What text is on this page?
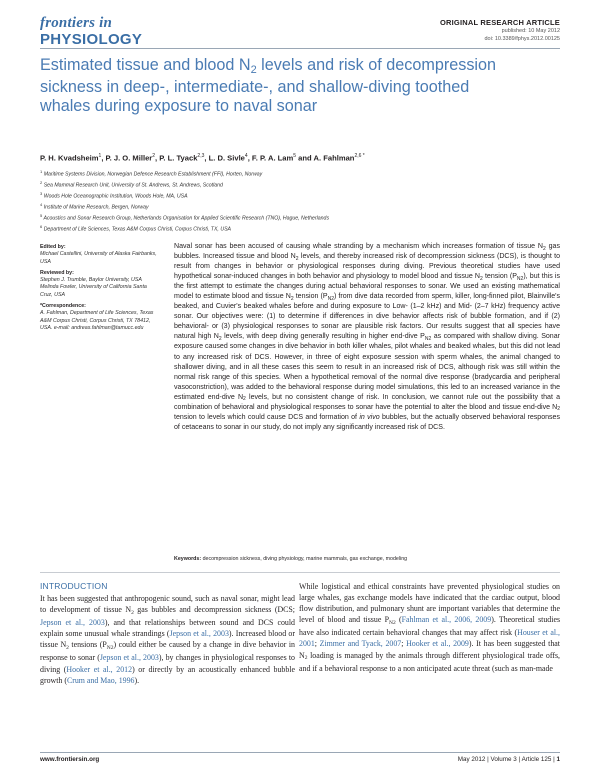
frontiers in
PHYSIOLOGY
ORIGINAL RESEARCH ARTICLE
published: 10 May 2012
doi: 10.3389/fphys.2012.00125
Estimated tissue and blood N2 levels and risk of decompression sickness in deep-, intermediate-, and shallow-diving toothed whales during exposure to naval sonar
P. H. Kvadsheim$^1$, P. J. O. Miller$^2$, P. L. Tyack$^{2,3}$, L. D. Sivle$^4$, F. P. A. Lam$^5$ and A. Fahlman$^{2,6 *}$
$^1$ Maritime Systems Division, Norwegian Defence Research Establishment (FFI), Horten, Norway
$^2$ Sea Mammal Research Unit, University of St. Andrews, St. Andrews, Scotland
$^3$ Woods Hole Oceanographic Institution, Woods Hole, MA, USA
$^4$ Institute of Marine Research, Bergen, Norway
$^5$ Acoustics and Sonar Research Group, Netherlands Organisation for Applied Scientific Research (TNO), Hague, Netherlands
$^6$ Department of Life Sciences, Texas A&M Corpus Christi, Corpus Christi, TX, USA
Edited by:
Michael Castellini, University of Alaska Fairbanks, USA
Reviewed by:
Stephen J. Trumble, Baylor University, USA
Melinda Fowler, University of California Santa Cruz, USA
*Correspondence:
A. Fahlman, Department of Life Sciences, Texas A&M Corpus Christi, Corpus Christi, TX 78412, USA. e-mail: andreas.fahlman@tamucc.edu
Naval sonar has been accused of causing whale stranding by a mechanism which increases formation of tissue $N_2$ gas bubbles. Increased tissue and blood $N_2$ levels, and thereby increased risk of decompression sickness (DCS), is thought to result from changes in behavior or physiological responses during diving. Previous theoretical studies have used hypothetical sonar-induced changes in both behavior and physiology to model blood and tissue $N_2$ tension $(P_{N2})$, but this is the first attempt to estimate the changes during actual behavioral responses to sonar. We used an existing mathematical model to estimate blood and tissue $N_2$ tension $(P_{N2})$ from dive data recorded from sperm, killer, long-finned pilot, Blainville's beaked, and Cuvier's beaked whales before and during exposure to Low- (1–2 kHz) and Mid- (2–7 kHz) frequency active sonar. Our objectives were: (1) to determine if differences in dive behavior affects risk of bubble formation, and if (2) behavioral- or (3) physiological responses to sonar are plausible risk factors. Our results suggest that all species have natural high $N_2$ levels, with deep diving generally resulting in higher end-dive $P_{N2}$ as compared with shallow diving. Sonar exposure caused some changes in dive behavior in both killer whales, pilot whales and beaked whales, but this did not lead to any increased risk of DCS. However, in three of eight exposure session with sperm whales, the animal changed to shallower diving, and in all these cases this seem to result in an increased risk of DCS, although risk was still within the normal risk range of this species. When a hypothetical removal of the normal dive response (bradycardia and peripheral vasoconstriction), was added to the behavioral response during model simulations, this led to an increased variance in the estimated end-dive $N_2$ levels, but no consistent change of risk. In conclusion, we cannot rule out the possibility that a combination of behavioral and physiological responses to sonar have the potential to alter the blood and tissue end-dive $N_2$ tension to levels which could cause DCS and formation of in vivo bubbles, but the actually observed behavioral responses of cetaceans to sonar in our study, do not imply any significantly increased risk of DCS.
Keywords: decompression sickness, diving physiology, marine mammals, gas exchange, modeling
INTRODUCTION
It has been suggested that anthropogenic sound, such as naval sonar, might lead to development of tissue N2 gas bubbles and decompression sickness (DCS; Jepson et al., 2003), and that relationships between sound and DCS could explain some unusual whale strandings (Jepson et al., 2003). Increased blood or tissue N2 tensions (PN2) could either be caused by a change in dive behavior in response to sonar (Jepson et al., 2003), by changes in physiological responses to diving (Hooker et al., 2012) or directly by an acoustically enhanced bubble growth (Crum and Mao, 1996).
While logistical and ethical constraints have prevented physiological studies on large whales, gas exchange models have indicated that the cardiac output, blood flow distribution, and pulmonary shunt are important variables that determine the level of blood and tissue PN2 (Fahlman et al., 2006, 2009). Theoretical studies have also indicated certain behavioral changes that may affect risk (Houser et al., 2001; Zimmer and Tyack, 2007; Hooker et al., 2009). It has been suggested that N2 loading is managed by the animals through different physiological trade offs, and if a behavioral response to a non anticipated acute threat (such as man-made
www.frontiersin.org	May 2012 | Volume 3 | Article 125 | 1
